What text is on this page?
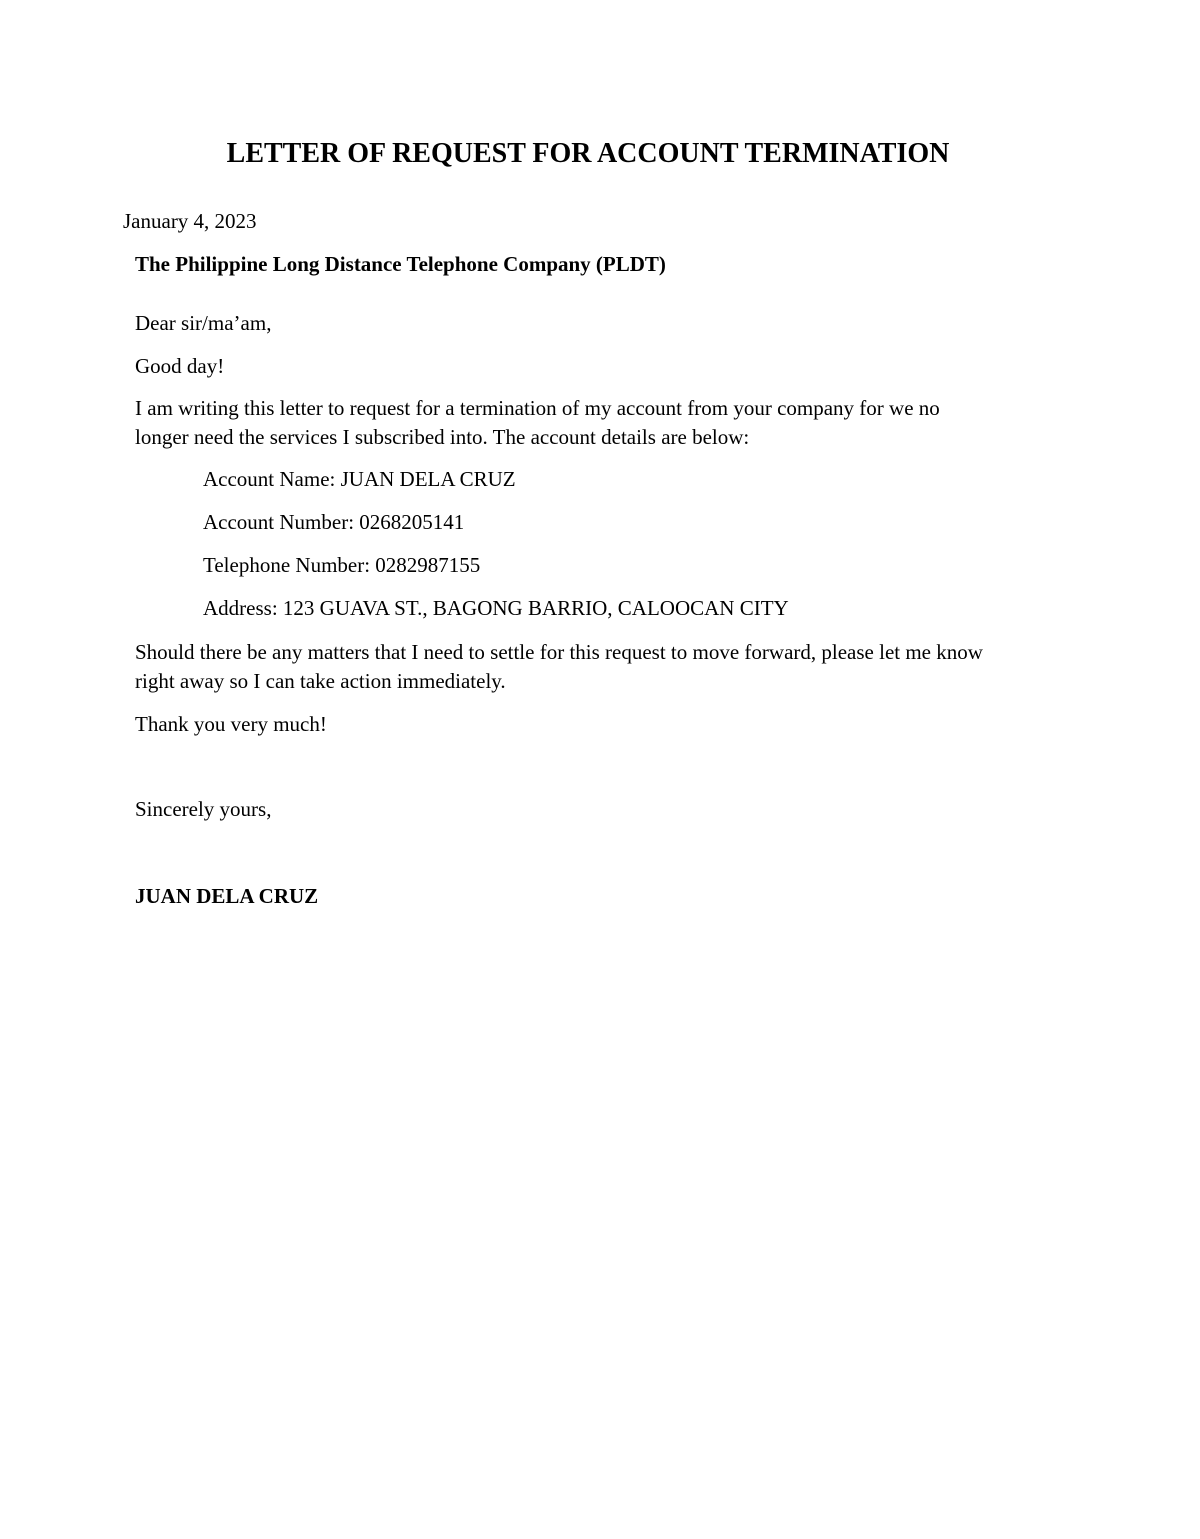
LETTER OF REQUEST FOR ACCOUNT TERMINATION
January 4, 2023
The Philippine Long Distance Telephone Company (PLDT)
Dear sir/ma’am,
Good day!
I am writing this letter to request for a termination of my account from your company for we no
longer need the services I subscribed into. The account details are below:
Account Name: JUAN DELA CRUZ
Account Number: 0268205141
Telephone Number: 0282987155
Address: 123 GUAVA ST., BAGONG BARRIO, CALOOCAN CITY
Should there be any matters that I need to settle for this request to move forward, please let me know
right away so I can take action immediately.
Thank you very much!
Sincerely yours,
JUAN DELA CRUZ
